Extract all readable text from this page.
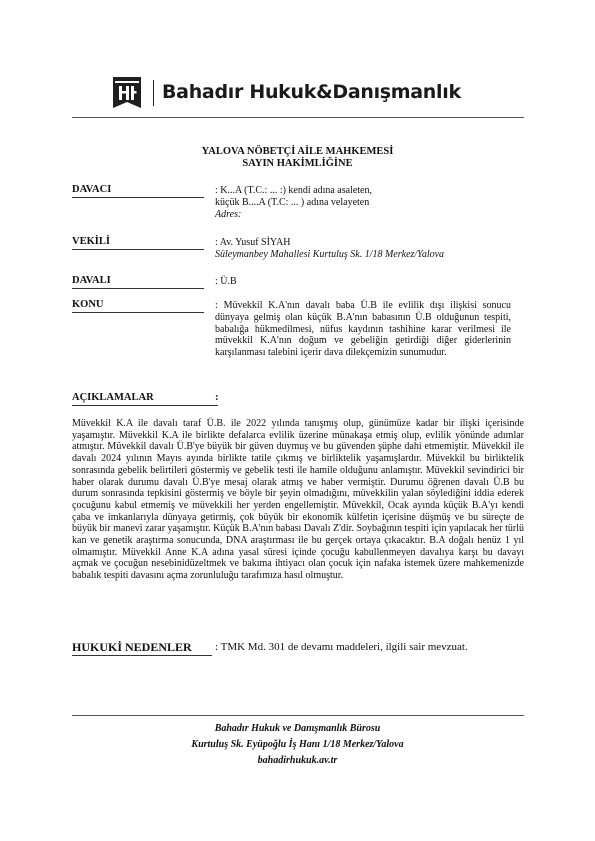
Bahadır Hukuk&Danışmanlık
YALOVA NÖBETÇİ AİLE MAHKEMESİ
SAYIN HAKİMLİĞİNE
DAVACI	: K...A (T.C.: ... :) kendi adına asaleten,
küçük B....A (T.C: ... ) adına velayeten
Adres:
VEKİLİ	: Av. Yusuf SİYAH
Süleymanbey Mahallesi Kurtuluş Sk. 1/18 Merkez/Yalova
DAVALI	: Ü.B
KONU	: Müvekkil K.A'nın davalı baba Ü.B ile evlilik dışı ilişkisi sonucu dünyaya gelmiş olan küçük B.A'nın babasının Ü.B olduğunun tespiti, babalığa hükmedilmesi, nüfus kaydının tashihine karar verilmesi ile müvekkil K.A'nın doğum ve gebeliğin getirdiği diğer giderlerinin karşılanması talebini içerir dava dilekçemizin sunumudur.
AÇIKLAMALAR	:
Müvekkil K.A ile davalı taraf Ü.B. ile 2022 yılında tanışmış olup, günümüze kadar bir ilişki içerisinde yaşamıştır. Müvekkil K.A ile birlikte defalarca evlilik üzerine münakaşa etmiş olup, evlilik yönünde adımlar atmıştır. Müvekkil davalı Ü.B'ye büyük bir güven duymuş ve bu güvenden şüphe dahi etmemiştir. Müvekkil ile davalı 2024 yılının Mayıs ayında birlikte tatile çıkmış ve birliktelik yaşamışlardır. Müvekkil bu birliktelik sonrasında gebelik belirtileri göstermiş ve gebelik testi ile hamile olduğunu anlamıştır. Müvekkil sevindirici bir haber olarak durumu davalı Ü.B'ye mesaj olarak atmış ve haber vermiştir. Durumu öğrenen davalı Ü.B bu durum sonrasında tepkisini göstermiş ve böyle bir şeyin olmadığını, müvekkilin yalan söylediğini iddia ederek çocuğunu kabul etmemiş ve müvekkili her yerden engellemiştir. Müvekkil, Ocak ayında küçük B.A'yı kendi çaba ve imkanlarıyla dünyaya getirmiş, çok büyük bir ekonomik külfetin içerisine düşmüş ve bu süreçte de büyük bir manevi zarar yaşamıştır. Küçük B.A'nın babası Davalı Z'dir. Soybağının tespiti için yapılacak her türlü kan ve genetik araştırma sonucunda, DNA araştırması ile bu gerçek ortaya çıkacaktır. B.A doğalı henüz 1 yıl olmamıştır. Müvekkil Anne K.A adına yasal süresi içinde çocuğu kabullenmeyen davalıya karşı bu davayı açmak ve çocuğun nesebinidüzeltmek ve bakıma ihtiyacı olan çocuk için nafaka istemek üzere mahkemenizde babalık tespiti davasını açma zorunluluğu tarafımıza hasıl olmuştur.
HUKUKİ NEDENLER : TMK Md. 301 de devamı maddeleri, ilgili sair mevzuat.
Bahadır Hukuk ve Danışmanlık Bürosu
Kurtuluş Sk. Eyüpoğlu İş Hanı 1/18 Merkez/Yalova
bahadirhukuk.av.tr
